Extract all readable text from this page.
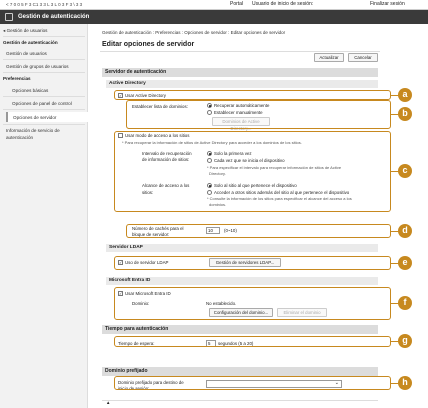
< 7 0 0 5 F 3 C1 3 3 L 3 L 0 3 F 3 \ 3 3	Portal Usuario de inicio de sesión:	Finalizar sesión
Gestión de autenticación
◂ Gestión de usuarios
Gestión de autenticación
Gestión de usuarios
Gestión de grupos de usuarios
Preferencias
Opciones básicas
Opciones de panel de control
Opciones de servidor
Información de servicio de
autenticación
Gestión de autenticación : Preferencias : Opciones de servidor : Editar opciones de servidor
Editar opciones de servidor
Actualizar	Cancelar
Servidor de autenticación
Active Directory
✓ Usar Active Directory
Establecer lista de dominios:	Recuperar automáticamente
Establecer manualmente
Dominios de Active Directory...
Usar modo de acceso a los sitios
* Para recuperar la información de sitios de Active Directory para acceder a los dominios de los sitios.
Intervalo de recuperación
de información de sitios:
Solo la primera vez
Cada vez que se inicia el dispositivo
* Para especificar el intervalo para recuperar información de sitios de Active
Directory.
Alcance de acceso a los
sitios:
Solo al sitio al que pertenece el dispositivo
Acceder a otros sitios además del sitio al que pertenece el dispositivo
* Consulte la información de los sitios para especificar el alcance del acceso a los
dominios.
Número de cachés para el
bloque de servidor:
10	(0~10)
Servidor LDAP
✓ Uso de servidor LDAP	Gestión de servidores LDAP...
Microsoft Entra ID
✓ Usar Microsoft Entra ID
Dominio:	No establecido.
Configuración del dominio...	Eliminar el dominio
Tiempo para autenticación
Tiempo de espera:	5	segundos (5 a 20)
Dominio prefijado
Dominio prefijado para destino de
inicio de sesión:
⌄
▲
a
b
c
d
e
f
g
h
